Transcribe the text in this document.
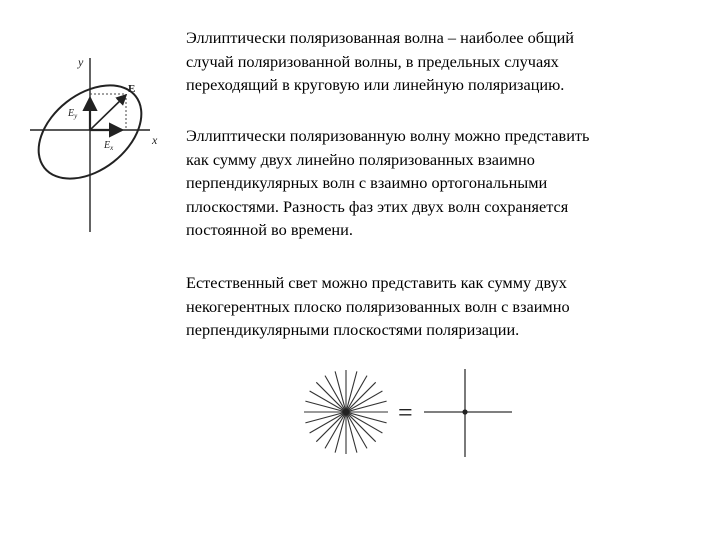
y
x
E
$E_y$
$E_x$
Эллиптически поляризованная волна – наиболее общий
случай поляризованной волны, в предельных случаях
переходящий в круговую или линейную поляризацию.
Эллиптически поляризованную волну можно представить
как сумму двух линейно поляризованных взаимно
перпендикулярных волн с взаимно ортогональными
плоскостями. Разность фаз этих двух волн сохраняется
постоянной во времени.
Естественный свет можно представить как сумму двух
некогерентных плоско поляризованных волн с взаимно
перпендикулярными плоскостями поляризации.
=
